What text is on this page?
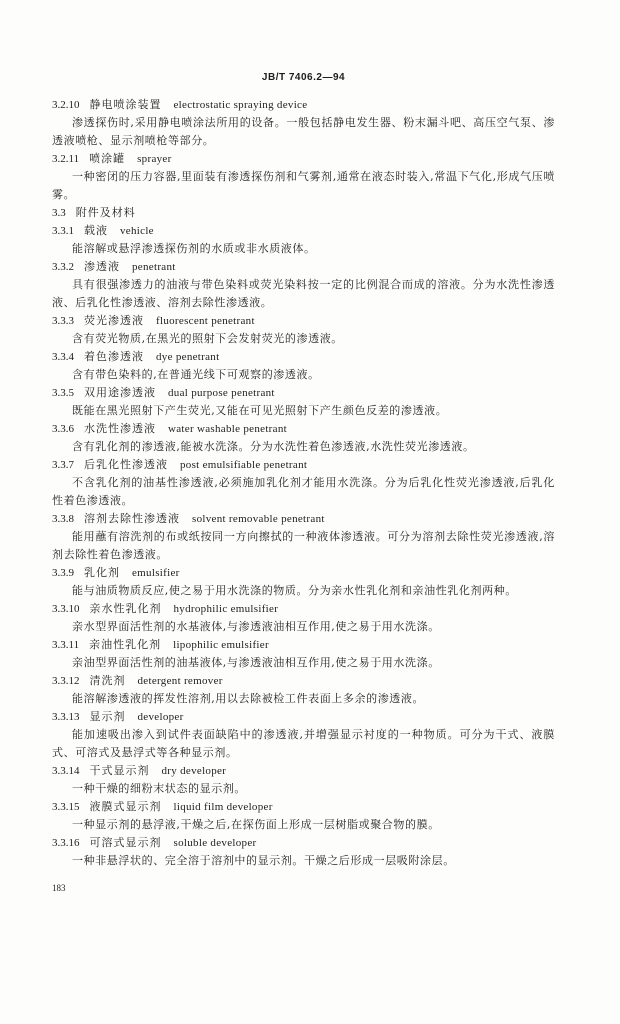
JB/T 7406.2—94
3.2.10 静电喷涂装置 electrostatic spraying device
渗透探伤时,采用静电喷涂法所用的设备。一般包括静电发生器、粉末漏斗吧、高压空气泵、渗透液喷枪、显示剂喷枪等部分。
3.2.11 喷涂罐 sprayer
一种密闭的压力容器,里面装有渗透探伤剂和气雾剂,通常在液态时装入,常温下气化,形成气压喷雾。
3.3 附件及材料
3.3.1 载液 vehicle
能溶解或悬浮渗透探伤剂的水质或非水质液体。
3.3.2 渗透液 penetrant
具有很强渗透力的油液与带色染料或荧光染料按一定的比例混合而成的溶液。分为水洗性渗透液、后乳化性渗透液、溶剂去除性渗透液。
3.3.3 荧光渗透液 fluorescent penetrant
含有荧光物质,在黑光的照射下会发射荧光的渗透液。
3.3.4 着色渗透液 dye penetrant
含有带色染料的,在普通光线下可观察的渗透液。
3.3.5 双用途渗透液 dual purpose penetrant
既能在黑光照射下产生荧光,又能在可见光照射下产生颜色反差的渗透液。
3.3.6 水洗性渗透液 water washable penetrant
含有乳化剂的渗透液,能被水洗涤。分为水洗性着色渗透液,水洗性荧光渗透液。
3.3.7 后乳化性渗透液 post emulsifiable penetrant
不含乳化剂的油基性渗透液,必须施加乳化剂才能用水洗涤。分为后乳化性荧光渗透液,后乳化性着色渗透液。
3.3.8 溶剂去除性渗透液 solvent removable penetrant
能用蘸有溶洗剂的布或纸按同一方向擦拭的一种液体渗透液。可分为溶剂去除性荧光渗透液,溶剂去除性着色渗透液。
3.3.9 乳化剂 emulsifier
能与油质物质反应,使之易于用水洗涤的物质。分为亲水性乳化剂和亲油性乳化剂两种。
3.3.10 亲水性乳化剂 hydrophilic emulsifier
亲水型界面活性剂的水基液体,与渗透液油相互作用,使之易于用水洗涤。
3.3.11 亲油性乳化剂 lipophilic emulsifier
亲油型界面活性剂的油基液体,与渗透液油相互作用,使之易于用水洗涤。
3.3.12 清洗剂 detergent remover
能溶解渗透液的挥发性溶剂,用以去除被检工件表面上多余的渗透液。
3.3.13 显示剂 developer
能加速吸出渗入到试件表面缺陷中的渗透液,并增强显示衬度的一种物质。可分为干式、液膜式、可溶式及悬浮式等各种显示剂。
3.3.14 干式显示剂 dry developer
一种干燥的细粉末状态的显示剂。
3.3.15 液膜式显示剂 liquid film developer
一种显示剂的悬浮液,干燥之后,在探伤面上形成一层树脂或聚合物的膜。
3.3.16 可溶式显示剂 soluble developer
一种非悬浮状的、完全溶于溶剂中的显示剂。干燥之后形成一层吸附涂层。
183
